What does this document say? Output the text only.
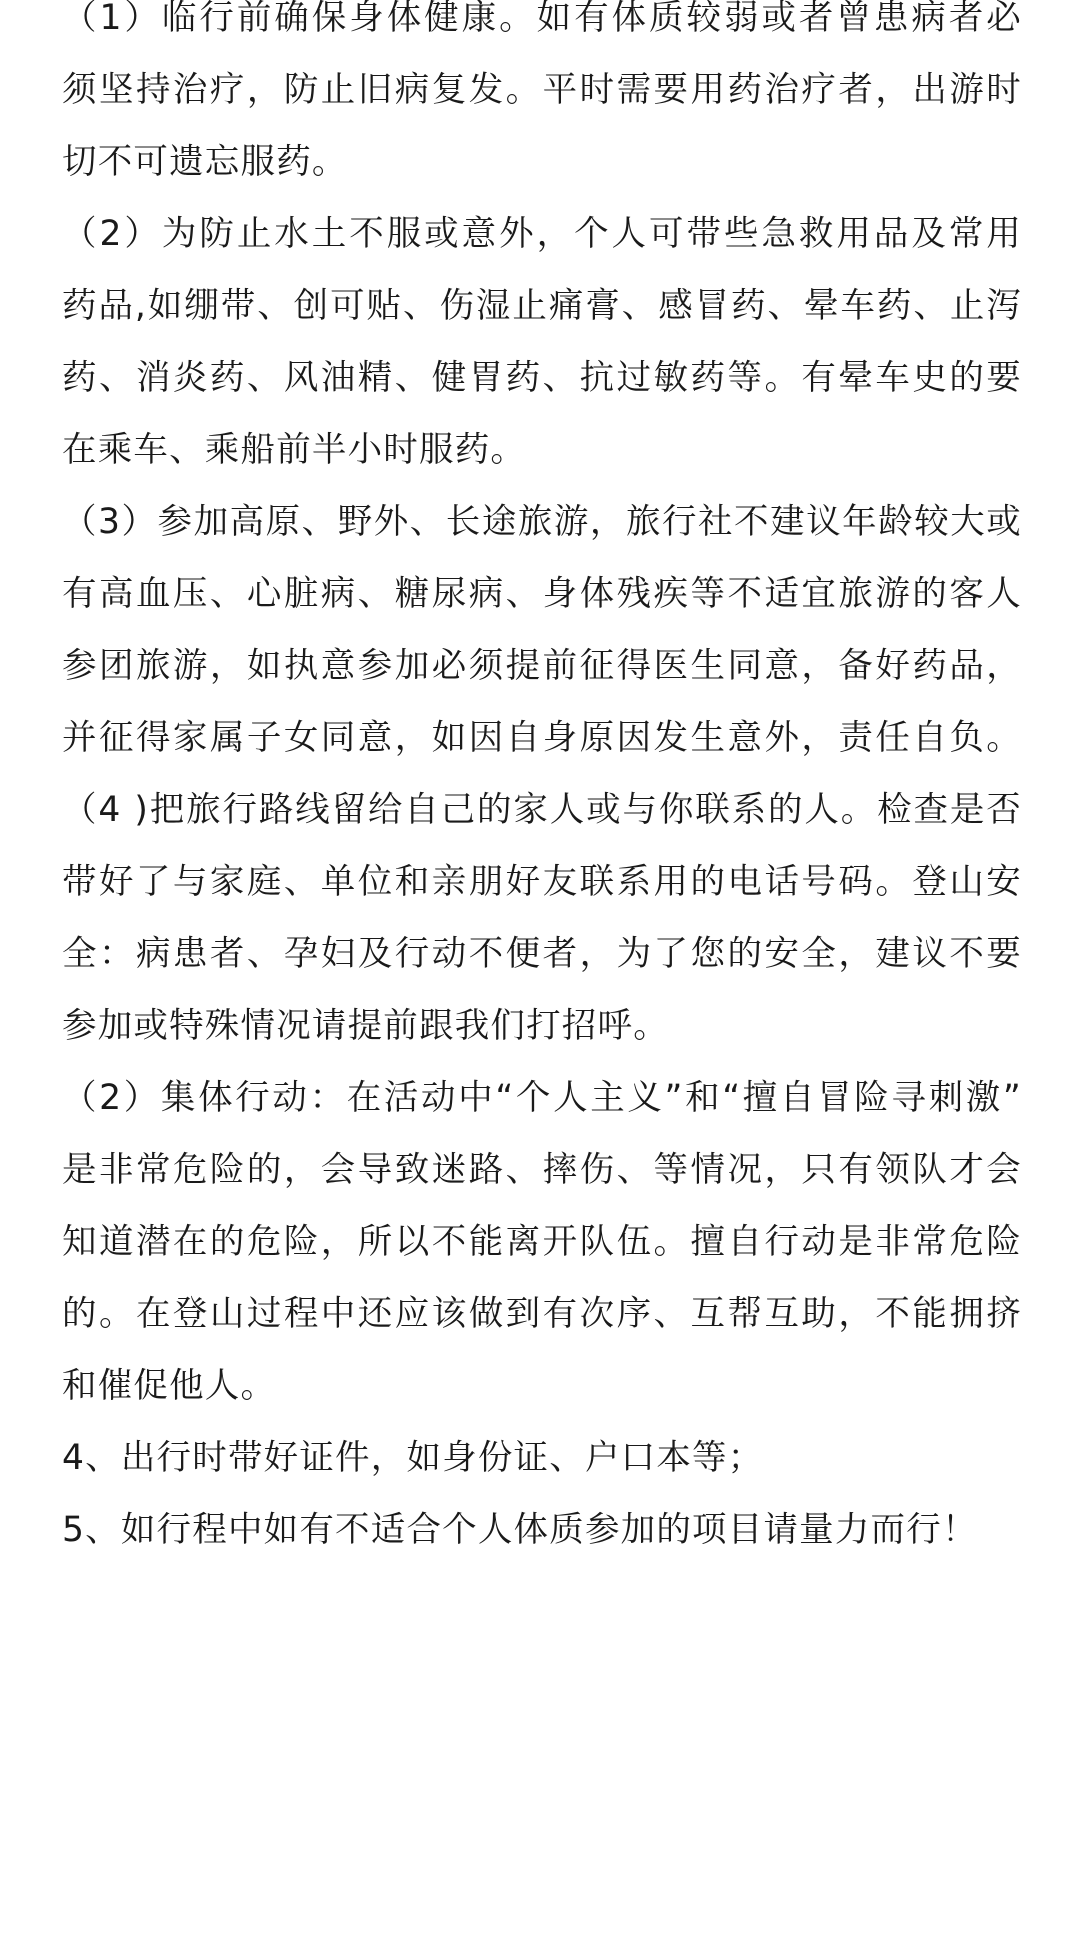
（1）临行前确保身体健康。如有体质较弱或者曾患病者必
须坚持治疗，防止旧病复发。平时需要用药治疗者，出游时
切不可遗忘服药。
（2）为防止水土不服或意外，个人可带些急救用品及常用
药品,如绷带、创可贴、伤湿止痛膏、感冒药、晕车药、止泻
药、消炎药、风油精、健胃药、抗过敏药等。有晕车史的要
在乘车、乘船前半小时服药。
（3）参加高原、野外、长途旅游，旅行社不建议年龄较大或
有高血压、心脏病、糖尿病、身体残疾等不适宜旅游的客人
参团旅游，如执意参加必须提前征得医生同意，备好药品，
并征得家属子女同意，如因自身原因发生意外，责任自负。
（4 )把旅行路线留给自己的家人或与你联系的人。检查是否
带好了与家庭、单位和亲朋好友联系用的电话号码。登山安
全：病患者、孕妇及行动不便者，为了您的安全，建议不要
参加或特殊情况请提前跟我们打招呼。
（2）集体行动：在活动中“个人主义”和“擅自冒险寻刺激”
是非常危险的，会导致迷路、摔伤、等情况，只有领队才会
知道潜在的危险，所以不能离开队伍。擅自行动是非常危险
的。在登山过程中还应该做到有次序、互帮互助，不能拥挤
和催促他人。
4、出行时带好证件，如身份证、户口本等；
5、如行程中如有不适合个人体质参加的项目请量力而行！
